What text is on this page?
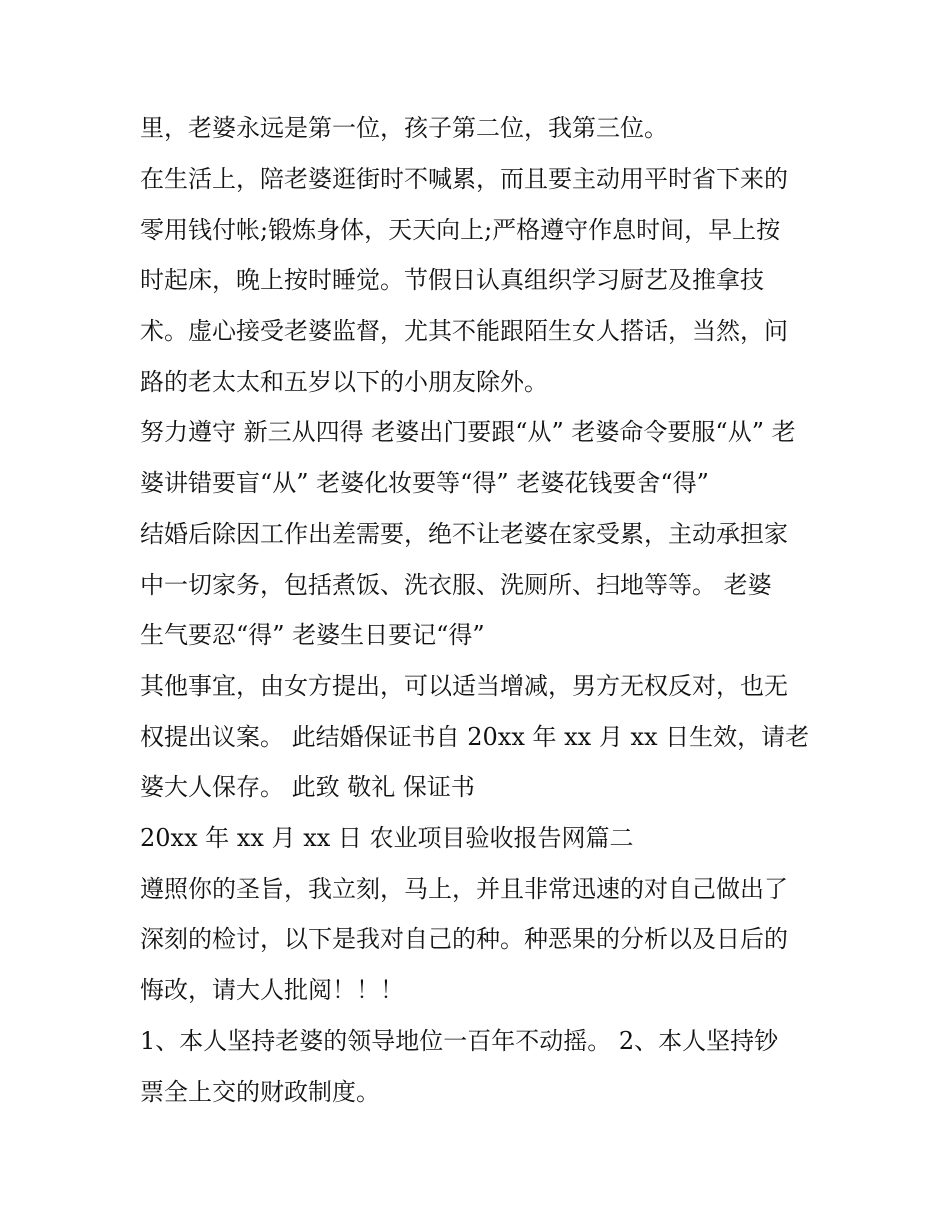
里，老婆永远是第一位，孩子第二位，我第三位。
在生活上，陪老婆逛街时不喊累，而且要主动用平时省下来的
零用钱付帐;锻炼身体，天天向上;严格遵守作息时间，早上按
时起床，晚上按时睡觉。节假日认真组织学习厨艺及推拿技
术。虚心接受老婆监督，尤其不能跟陌生女人搭话，当然，问
路的老太太和五岁以下的小朋友除外。
努力遵守 新三从四得 老婆出门要跟“从” 老婆命令要服“从” 老
婆讲错要盲“从” 老婆化妆要等“得” 老婆花钱要舍“得”
结婚后除因工作出差需要，绝不让老婆在家受累，主动承担家
中一切家务，包括煮饭、洗衣服、洗厕所、扫地等等。 老婆
生气要忍“得” 老婆生日要记“得”
其他事宜，由女方提出，可以适当增减，男方无权反对，也无
权提出议案。 此结婚保证书自 20xx 年 xx 月 xx 日生效，请老
婆大人保存。 此致 敬礼 保证书
20xx 年 xx 月 xx 日 农业项目验收报告网篇二
遵照你的圣旨，我立刻，马上，并且非常迅速的对自己做出了
深刻的检讨，以下是我对自己的种。种恶果的分析以及日后的
悔改，请大人批阅！！！
1、本人坚持老婆的领导地位一百年不动摇。 2、本人坚持钞
票全上交的财政制度。
